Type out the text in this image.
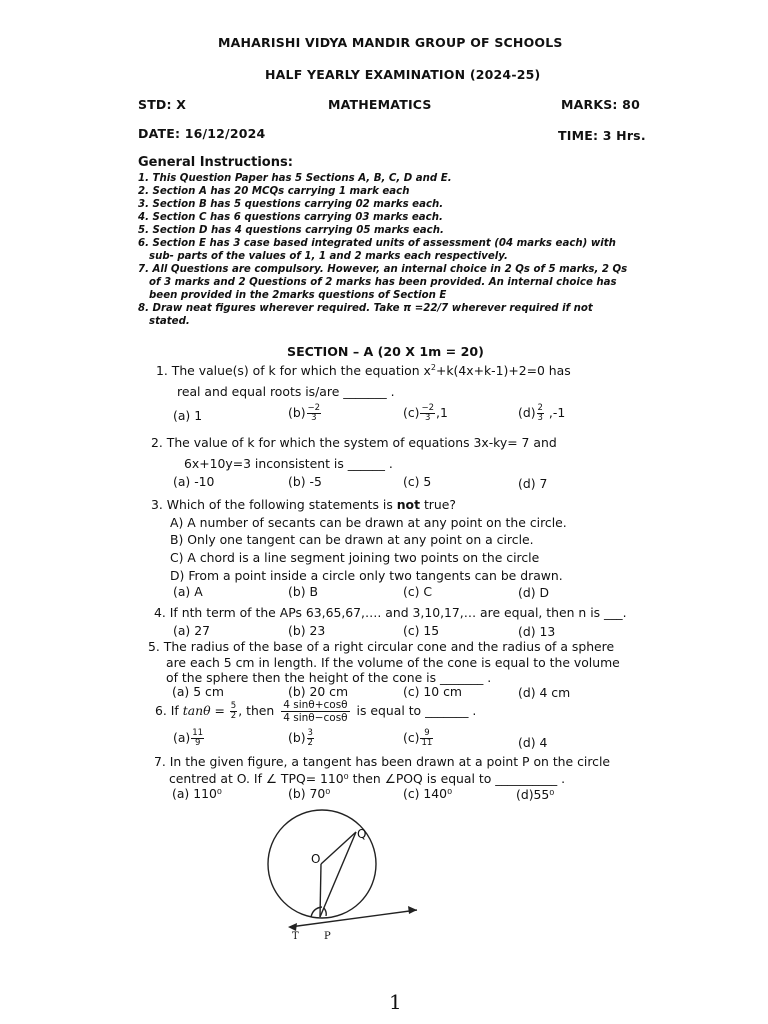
MAHARISHI VIDYA MANDIR GROUP OF SCHOOLS
HALF YEARLY EXAMINATION (2024-25)
STD: X	MATHEMATICS	MARKS: 80
DATE: 16/12/2024	TIME: 3 Hrs.
General Instructions:
1. This Question Paper has 5 Sections A, B, C, D and E.
2. Section A has 20 MCQs carrying 1 mark each
3. Section B has 5 questions carrying 02 marks each.
4. Section C has 6 questions carrying 03 marks each.
5. Section D has 4 questions carrying 05 marks each.
6. Section E has 3 case based integrated units of assessment (04 marks each) with
sub- parts of the values of 1, 1 and 2 marks each respectively.
7. All Questions are compulsory. However, an internal choice in 2 Qs of 5 marks, 2 Qs
of 3 marks and 2 Questions of 2 marks has been provided. An internal choice has
been provided in the 2marks questions of Section E
8. Draw neat figures wherever required. Take π =22/7 wherever required if not
stated.
SECTION – A (20 X 1m = 20)
1. The value(s) of k for which the equation $x^2+k(4x+k-1)+2=0$ has
real and equal roots is/are _______ .
(a) 1	$(b) \frac{-2}{3}$	$(c) \frac{-2}{3} ,1$	$(d) \frac{2}{3} ,-1$
2. The value of k for which the system of equations 3x-ky= 7 and
6x+10y=3 inconsistent is ______ .
(a) -10	(b) -5	(c) 5	(d) 7
3. Which of the following statements is not true?
A) A number of secants can be drawn at any point on the circle.
B) Only one tangent can be drawn at any point on a circle.
C) A chord is a line segment joining two points on the circle
D) From a point inside a circle only two tangents can be drawn.
(a) A	(b) B	(c) C	(d) D
4. If nth term of the APs 63,65,67,…. and 3,10,17,… are equal, then n is ___.
(a) 27	(b) 23	(c) 15	(d) 13
5. The radius of the base of a right circular cone and the radius of a sphere
are each 5 cm in length. If the volume of the cone is equal to the volume
of the sphere then the height of the cone is _______ .
(a) 5 cm	(b) 20 cm	(c) 10 cm	(d) 4 cm
6. If $\tan\theta = \frac{5}{2}$ , then $\frac{4 \sin\theta+\cos\theta}{4 \sin\theta-\cos\theta}$ is equal to _______ .
$(a) \frac{11}{9}$	$(b) \frac{3}{2}$	$(c) \frac{9}{11}$	(d) 4
7. In the given figure, a tangent has been drawn at a point P on the circle
centred at O. If ∠ TPQ= 110⁰ then ∠POQ is equal to __________ .
(a) 110⁰	(b) 70⁰	(c) 140⁰	(d)55⁰
O
Q
T	P
1
